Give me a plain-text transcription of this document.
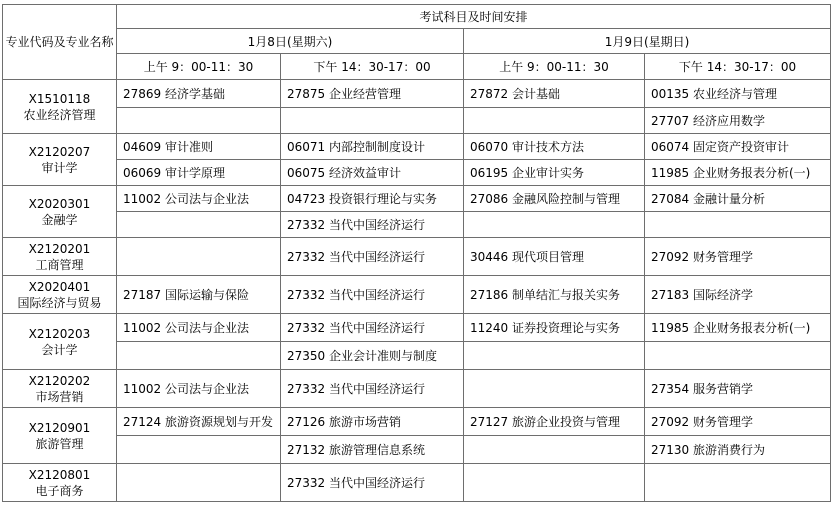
专业代码及专业名称	考试科目及时间安排			
	1月8日(星期六)		1月9日(星期日)	
	上午 9：00-11：30	下午 14：30-17：00	上午 9：00-11：30	下午 14：30-17：00

X1510118
农业经济管理	27869 经济学基础	27875 企业经营管理	27872 会计基础	00135 农业经济与管理
				27707 经济应用数学

X2120207
审计学	04609 审计准则	06071 内部控制制度设计	06070 审计技术方法	06074 固定资产投资审计
	06069 审计学原理	06075 经济效益审计	06195 企业审计实务	11985 企业财务报表分析(一)

X2020301
金融学	11002 公司法与企业法	04723 投资银行理论与实务	27086 金融风险控制与管理	27084 金融计量分析
		27332 当代中国经济运行		

X2120201
工商管理		27332 当代中国经济运行	30446 现代项目管理	27092 财务管理学

X2020401
国际经济与贸易	27187 国际运输与保险	27332 当代中国经济运行	27186 制单结汇与报关实务	27183 国际经济学

X2120203
会计学	11002 公司法与企业法	27332 当代中国经济运行	11240 证券投资理论与实务	11985 企业财务报表分析(一)
		27350 企业会计准则与制度		

X2120202
市场营销	11002 公司法与企业法	27332 当代中国经济运行		27354 服务营销学

X2120901
旅游管理	27124 旅游资源规划与开发	27126 旅游市场营销	27127 旅游企业投资与管理	27092 财务管理学
		27132 旅游管理信息系统		27130 旅游消费行为

X2120801
电子商务		27332 当代中国经济运行		
